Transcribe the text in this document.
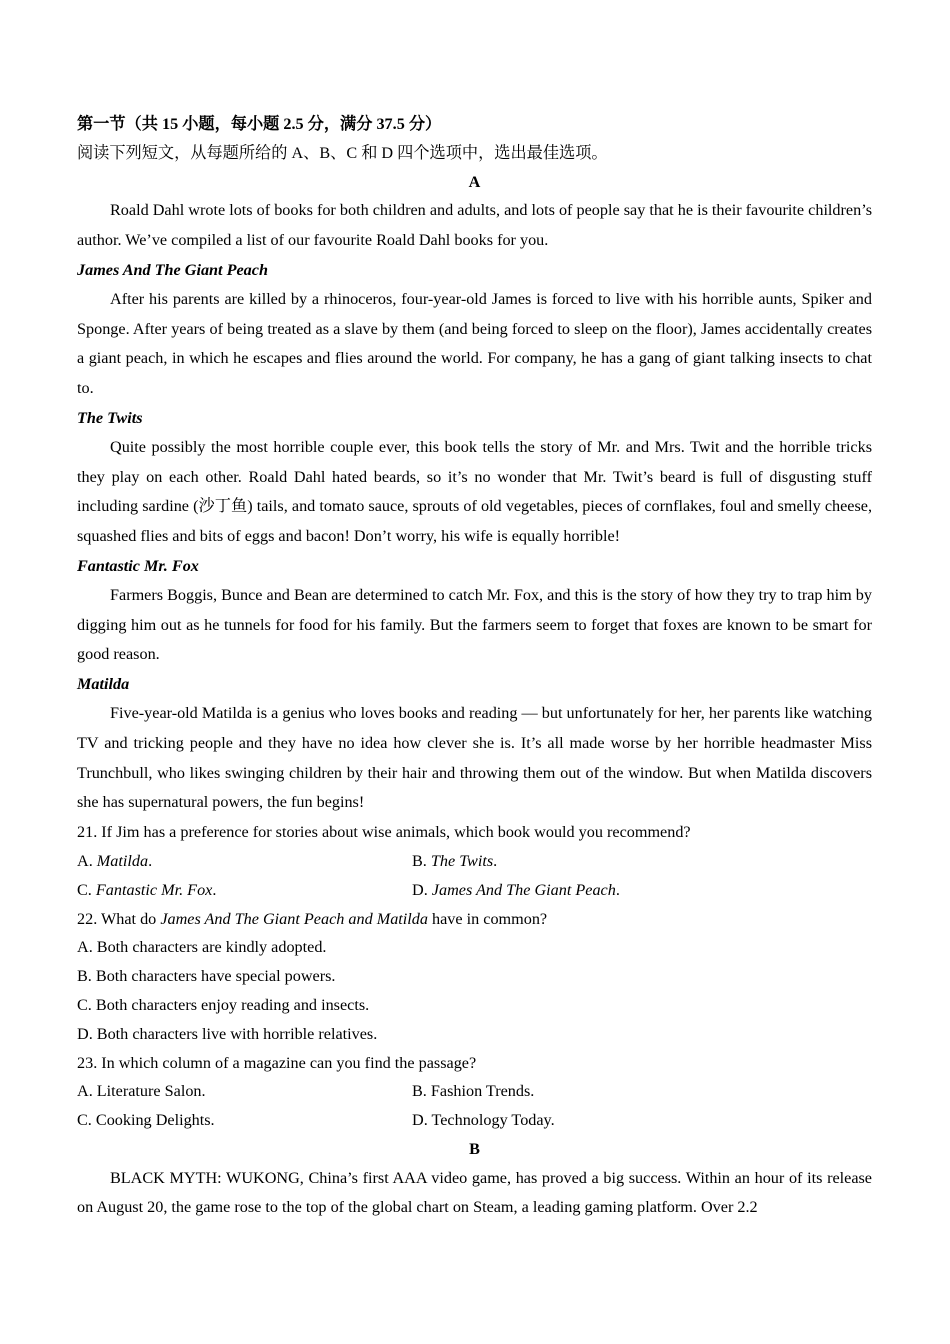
第一节（共 15 小题，每小题 2.5 分，满分 37.5 分）
阅读下列短文，从每题所给的 A、B、C 和 D 四个选项中，选出最佳选项。
A

Roald Dahl wrote lots of books for both children and adults, and lots of people say that he is their favourite children’s author. We’ve compiled a list of our favourite Roald Dahl books for you.

James And The Giant Peach

After his parents are killed by a rhinoceros, four-year-old James is forced to live with his horrible aunts, Spiker and Sponge. After years of being treated as a slave by them (and being forced to sleep on the floor), James accidentally creates a giant peach, in which he escapes and flies around the world. For company, he has a gang of giant talking insects to chat to.

The Twits

Quite possibly the most horrible couple ever, this book tells the story of Mr. and Mrs. Twit and the horrible tricks they play on each other. Roald Dahl hated beards, so it’s no wonder that Mr. Twit’s beard is full of disgusting stuff including sardine (沙丁鱼) tails, and tomato sauce, sprouts of old vegetables, pieces of cornflakes, foul and smelly cheese, squashed flies and bits of eggs and bacon! Don’t worry, his wife is equally horrible!

Fantastic Mr. Fox

Farmers Boggis, Bunce and Bean are determined to catch Mr. Fox, and this is the story of how they try to trap him by digging him out as he tunnels for food for his family. But the farmers seem to forget that foxes are known to be smart for good reason.

Matilda

Five-year-old Matilda is a genius who loves books and reading — but unfortunately for her, her parents like watching TV and tricking people and they have no idea how clever she is. It’s all made worse by her horrible headmaster Miss Trunchbull, who likes swinging children by their hair and throwing them out of the window. But when Matilda discovers she has supernatural powers, the fun begins!

21. If Jim has a preference for stories about wise animals, which book would you recommend?
A. Matilda.	B. The Twits.
C. Fantastic Mr. Fox.	D. James And The Giant Peach.
22. What do James And The Giant Peach and Matilda have in common?
A. Both characters are kindly adopted.
B. Both characters have special powers.
C. Both characters enjoy reading and insects.
D. Both characters live with horrible relatives.
23. In which column of a magazine can you find the passage?
A. Literature Salon.	B. Fashion Trends.
C. Cooking Delights.	D. Technology Today.
B

BLACK MYTH: WUKONG, China’s first AAA video game, has proved a big success. Within an hour of its release on August 20, the game rose to the top of the global chart on Steam, a leading gaming platform. Over 2.2
